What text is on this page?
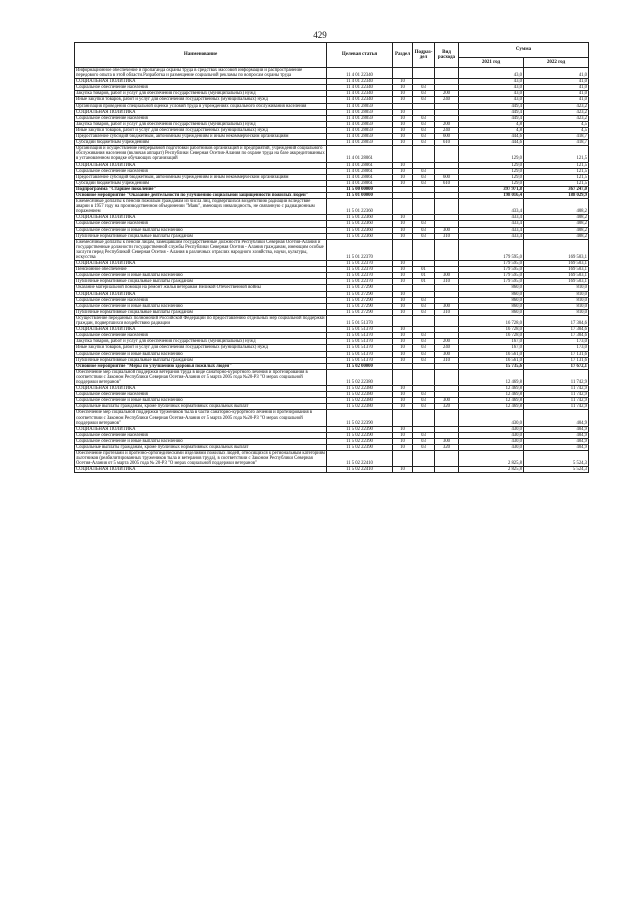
429
Наименование	Целевая статья	Раздел	Подраз-дел	Вид расхода	Сумма	
					2021 год	2022 год
Информационное обеспечение и пропаганда охраны труда в средствах массовой информации и распространение передового опыта в этой области.Разработка и размещение социальной рекламы по вопросам охраны труда	11 4 01 22340				43,0	41,0
СОЦИАЛЬНАЯ ПОЛИТИКА	11 4 01 22340	10			43,0	41,0
Социальное обеспечение населения	11 4 01 22340	10	03		43,0	41,0
Закупка товаров, работ и услуг для обеспечения государственных (муниципальных) нужд	11 4 01 22340	10	03	200	43,0	41,0
Иные закупки товаров, работ и услуг для обеспечения государственных (муниципальных) нужд	11 4 01 22340	10	03	240	43,0	41,0
Организация проведения специальной оценки условий труда в учреждениях социального обслуживания населения	11 4 01 28059				449,4	423,2
СОЦИАЛЬНАЯ ПОЛИТИКА	11 4 01 28059	10			449,4	423,2
Социальное обеспечение населения	11 4 01 28059	10	03		449,4	423,2
Закупка товаров, работ и услуг для обеспечения государственных (муниципальных) нужд	11 4 01 28059	10	03	200	4,8	4,5
Иные закупки товаров, работ и услуг для обеспечения государственных (муниципальных) нужд	11 4 01 28059	10	03	240	4,8	4,5
Предоставление субсидий бюджетным, автономным учреждениям и иным некоммерческим организациям	11 4 01 28059	10	03	600	444,6	418,7
Субсидии бюджетным учреждениям	11 4 01 28059	10	03	610	444,6	418,7
Организация и осуществление непрерывной подготовки работников организаций и предприятий, учреждений социального обслуживания населения (включая аппарат) Республики Северная Осетия-Алания по охране труда на базе аккредитованных в установленном порядке обучающих организаций	11 4 01 28061				129,0	121,5
СОЦИАЛЬНАЯ ПОЛИТИКА	11 4 01 28061	10			129,0	121,5
Социальное обеспечение населения	11 4 01 28061	10	03		129,0	121,5
Предоставление субсидий бюджетным, автономным учреждениям и иным некоммерческим организациям	11 4 01 28061	10	03	600	129,0	121,5
Субсидии бюджетным учреждениям	11 4 01 28061	10	03	610	129,0	121,5
Подпрограмма "Старшее поколение"	11 5 00 00000				397 971,8	367 247,0
Основное мероприятие "Оказание деятельности по улучшению социальной защищенности пожилых людей"	11 5 01 00000				198 016,4	188 029,9
Ежемесячные доплаты к пенсии пожилым гражданам из числа лиц, подвергшихся воздействию радиации вследствие аварии в 1957 году на производственном объединении "Маяк", имеющих инвалидность, не связанную с радиационным поражением	11 5 01 22360				433,4	408,2
СОЦИАЛЬНАЯ ПОЛИТИКА	11 5 01 22360	10			433,4	408,2
Социальное обеспечение населения	11 5 01 22360	10	03		433,4	408,2
Социальное обеспечение и иные выплаты населению	11 5 01 22360	10	03	300	433,4	408,2
Публичные нормативные социальные выплаты гражданам	11 5 01 22360	10	03	310	433,4	408,2
Ежемесячные доплаты к пенсии лицам, замещавшим государственные должности Республики Северная Осетия-Алания и государственные должности государственной службы Республики Северная Осетия - Алания гражданам, имеющим особые заслуги перед Республикой Северная Осетия - Алания в различных отраслях народного хозяйства, науки, культуры, искусства	11 5 01 22370				179 595,0	169 503,1
СОЦИАЛЬНАЯ ПОЛИТИКА	11 5 01 22370	10			179 595,0	169 503,1
Пенсионное обеспечение	11 5 01 22370	10	01		179 595,0	169 503,1
Социальное обеспечение и иные выплаты населению	11 5 01 22370	10	01	300	179 595,0	169 503,1
Публичные нормативные социальные выплаты гражданам	11 5 01 22370	10	01	310	179 595,0	169 503,1
Оказание материальной помощи на ремонт жилья ветеранам Великой Отечественной войны	11 5 01 27290				860,0	810,0
СОЦИАЛЬНАЯ ПОЛИТИКА	11 5 01 27290	10			860,0	810,0
Социальное обеспечение населения	11 5 01 27290	10	03		860,0	810,0
Социальное обеспечение и иные выплаты населению	11 5 01 27290	10	03	300	860,0	810,0
Публичные нормативные социальные выплаты гражданам	11 5 01 27290	10	03	310	860,0	810,0
Осуществление переданных полномочий Российской Федерации по предоставлению отдельных мер социальной поддержки граждан, подвергшихся воздействию радиации	11 5 01 51370				16 728,0	17 304,6
СОЦИАЛЬНАЯ ПОЛИТИКА	11 5 01 51370	10			16 728,0	17 304,6
Социальное обеспечение населения	11 5 01 51370	10	03		16 728,0	17 304,6
Закупка товаров, работ и услуг для обеспечения государственных (муниципальных) нужд	11 5 01 51370	10	03	200	167,0	173,0
Иные закупки товаров, работ и услуг для обеспечения государственных (муниципальных) нужд	11 5 01 51370	10	03	240	167,0	173,0
Социальное обеспечение и иные выплаты населению	11 5 01 51370	10	03	300	16 561,0	17 131,6
Публичные нормативные социальные выплаты гражданам	11 5 01 51370	10	03	310	16 561,0	17 131,6
Основное мероприятие "Меры по улучшению здоровья пожилых людей"	11 5 02 00000				15 735,6	17 672,1
Обеспечение мер социальной поддержки ветеранов труда в виде санаторно-курортного лечения и протезирования в соответствии с Законом Республики Северная Осетия-Алания от 5 марта 2005 года №20-РЗ "О мерах социальной поддержки ветеранов"	11 5 02 22380				12 469,8	11 742,9
СОЦИАЛЬНАЯ ПОЛИТИКА	11 5 02 22380	10			12 469,8	11 742,9
Социальное обеспечение населения	11 5 02 22380	10	03		12 469,8	11 742,9
Социальное обеспечение и иные выплаты населению	11 5 02 22380	10	03	300	12 469,8	11 742,9
Социальные выплаты гражданам, кроме публичных нормативных социальных выплат	11 5 02 22380	10	03	320	12 469,8	11 742,9
Обеспечение мер социальной поддержки тружеников тыла в части санаторно-курортного лечения и протезирования в соответствии с Законом Республики Северная Осетия-Алания от 5 марта 2005 года №20-РЗ "О мерах социальной поддержки ветеранов"	11 5 02 22390				430,0	404,9
СОЦИАЛЬНАЯ ПОЛИТИКА	11 5 02 22390	10			430,0	404,9
Социальное обеспечение населения	11 5 02 22390	10	03		430,0	404,9
Социальное обеспечение и иные выплаты населению	11 5 02 22390	10	03	300	430,0	404,9
Социальные выплаты гражданам, кроме публичных нормативных социальных выплат	11 5 02 22390	10	03	320	430,0	404,9
Обеспечение протезами и протезно-ортопедическими изделиями пожилых людей, относящихся к региональным категориям льготников (реабилитированных тружеников тыла и ветеранов труда), в соответствии с Законом Республики Северная Осетия-Алания от 5 марта 2005 года № 20-РЗ "О мерах социальной поддержки ветеранов"	11 5 02 22410				2 825,8	5 524,3
СОЦИАЛЬНАЯ ПОЛИТИКА	11 5 02 22410	10			2 825,8	5 524,3
